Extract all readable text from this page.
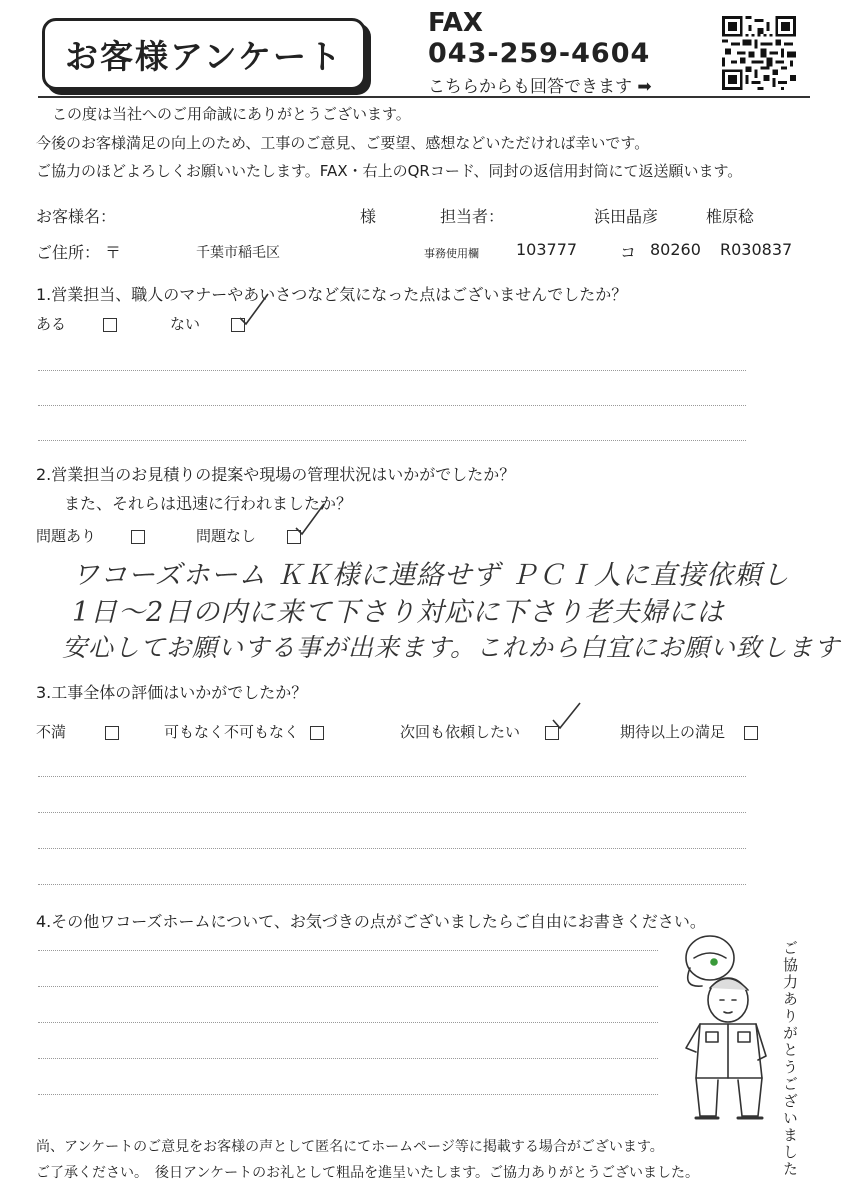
お客様アンケート
FAX
043-259-4604
こちらからも回答できます ➡
この度は当社へのご用命誠にありがとうございます。
今後のお客様満足の向上のため、工事のご意見、ご要望、感想などいただければ幸いです。
ご協力のほどよろしくお願いいたします。FAX・右上のQRコード、同封の返信用封筒にて返送願います。
お客様名：	様	担当者：	浜田晶彦	椎原稔
ご住所： 〒	千葉市稲毛区	事務使用欄 103777	コ 80260 R030837
1.営業担当、職人のマナーやあいさつなど気になった点はございませんでしたか？
ある	ない
2.営業担当のお見積りの提案や現場の管理状況はいかがでしたか？
また、それらは迅速に行われましたか？
問題あり	問題なし
ワコーズホーム ＫＫ様に連絡せず ＰＣＩ人に直接依頼し
1日～2日の内に来て下さり対応に下さり老夫婦には
安心してお願いする事が出来ます。これから白宜にお願い致します
3.工事全体の評価はいかがでしたか？
不満	可もなく不可もなく	次回も依頼したい	期待以上の満足
4.その他ワコーズホームについて、お気づきの点がございましたらご自由にお書きください。
ご協力ありがとうございました
尚、アンケートのご意見をお客様の声として匿名にてホームページ等に掲載する場合がございます。
ご了承ください。　後日アンケートのお礼として粗品を進呈いたします。ご協力ありがとうございました。
